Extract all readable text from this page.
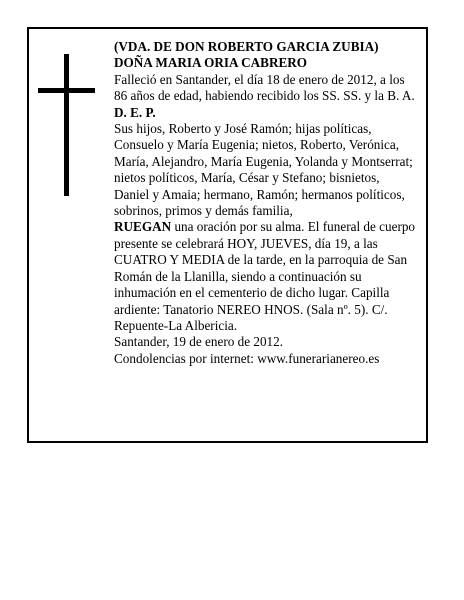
(VDA. DE DON ROBERTO GARCIA ZUBIA)

DOÑA MARIA ORIA CABRERO

Falleció en Santander, el día 18 de enero de 2012, a los 86 años de edad, habiendo recibido los SS. SS. y la B. A.

D. E. P.

Sus hijos, Roberto y José Ramón; hijas políticas, Consuelo y María Eugenia; nietos, Roberto, Verónica, María, Alejandro, María Eugenia, Yolanda y Montserrat; nietos políticos, María, César y Stefano; bisnietos, Daniel y Amaia; hermano, Ramón; hermanos políticos, sobrinos, primos y demás familia,

RUEGAN una oración por su alma. El funeral de cuerpo presente se celebrará HOY, JUEVES, día 19, a las CUATRO Y MEDIA de la tarde, en la parroquia de San Román de la Llanilla, siendo a continuación su inhumación en el cementerio de dicho lugar. Capilla ardiente: Tanatorio NEREO HNOS. (Sala nº. 5). C/. Repuente-La Albericia.

Santander, 19 de enero de 2012.

Condolencias por internet: www.funerarianereo.es
